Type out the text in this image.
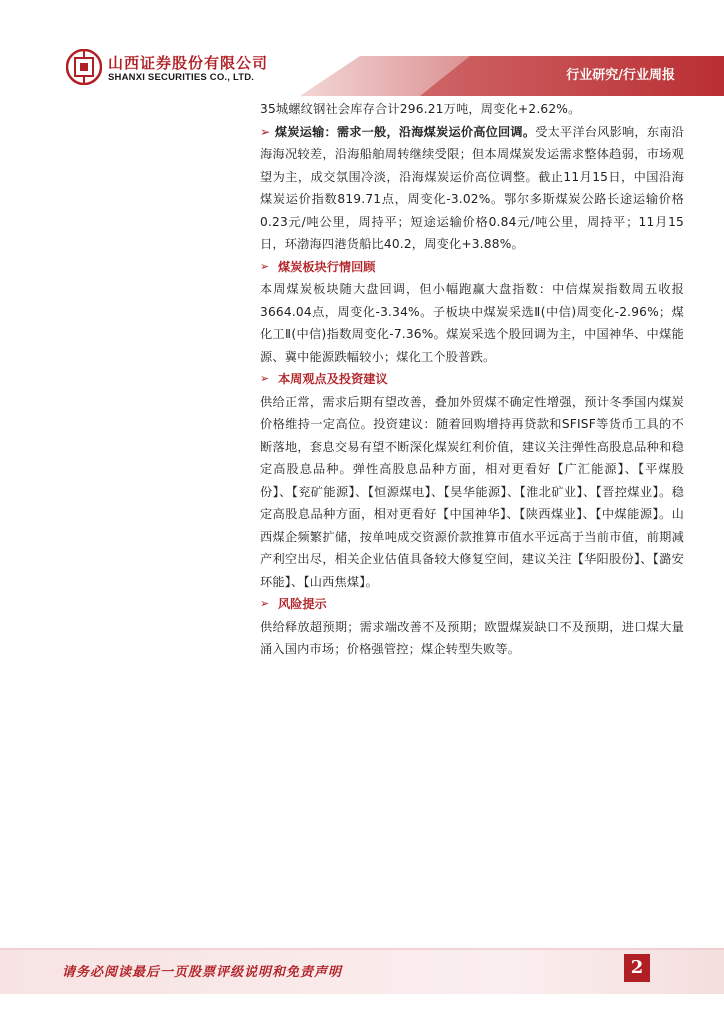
山西证券股份有限公司
SHANXI SECURITIES CO., LTD.	行业研究/行业周报

35城螺纹钢社会库存合计296.21万吨，周变化+2.62%。

➢ 煤炭运输：需求一般，沿海煤炭运价高位回调。受太平洋台风影响，东南沿海海况较差，沿海船舶周转继续受限；但本周煤炭发运需求整体趋弱，市场观望为主，成交氛围冷淡，沿海煤炭运价高位调整。截止11月15日，中国沿海煤炭运价指数819.71点，周变化-3.02%。鄂尔多斯煤炭公路长途运输价格0.23元/吨公里，周持平；短途运输价格0.84元/吨公里，周持平；11月15日，环渤海四港货船比40.2，周变化+3.88%。

➢ 煤炭板块行情回顾

本周煤炭板块随大盘回调，但小幅跑赢大盘指数：中信煤炭指数周五收报3664.04点，周变化-3.34%。子板块中煤炭采选Ⅱ(中信)周变化-2.96%；煤化工Ⅱ(中信)指数周变化-7.36%。煤炭采选个股回调为主，中国神华、中煤能源、冀中能源跌幅较小；煤化工个股普跌。

➢ 本周观点及投资建议

供给正常，需求后期有望改善，叠加外贸煤不确定性增强，预计冬季国内煤炭价格维持一定高位。投资建议：随着回购增持再贷款和SFISF等货币工具的不断落地，套息交易有望不断深化煤炭红利价值，建议关注弹性高股息品种和稳定高股息品种。弹性高股息品种方面，相对更看好【广汇能源】、【平煤股份】、【兖矿能源】、【恒源煤电】、【昊华能源】、【淮北矿业】、【晋控煤业】。稳定高股息品种方面，相对更看好【中国神华】、【陕西煤业】、【中煤能源】。山西煤企频繁扩储，按单吨成交资源价款推算市值水平远高于当前市值，前期减产利空出尽，相关企业估值具备较大修复空间，建议关注【华阳股份】、【潞安环能】、【山西焦煤】。

➢ 风险提示

供给释放超预期；需求端改善不及预期；欧盟煤炭缺口不及预期，进口煤大量涌入国内市场；价格强管控；煤企转型失败等。

请务必阅读最后一页股票评级说明和免责声明	2
